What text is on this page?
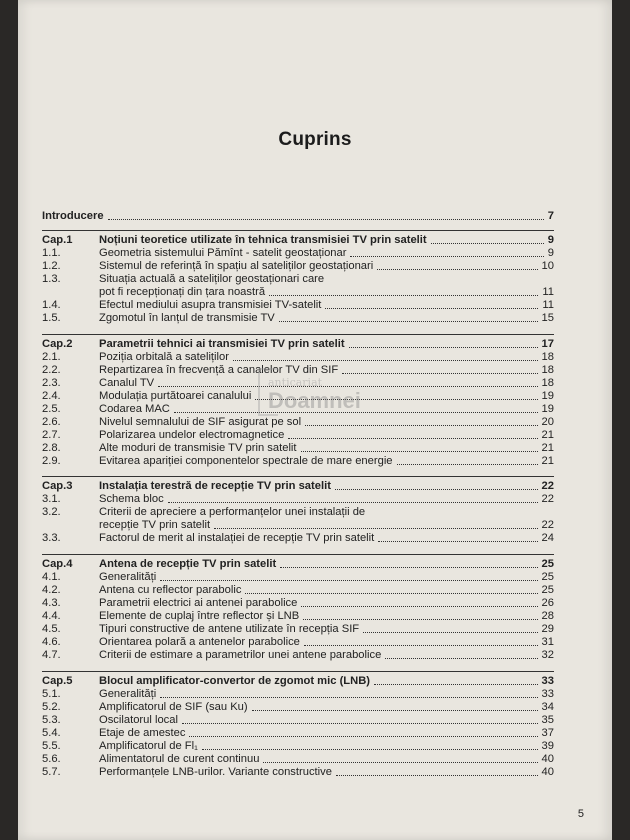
Cuprins
Introducere	7
Cap.1 Noțiuni teoretice utilizate în tehnica transmisiei TV prin satelit	9
1.1.	Geometria sistemului Pămînt - satelit geostaționar	9
1.2.	Sistemul de referință în spațiu al sateliților geostaționari	10
1.3.	Situația actuală a sateliților geostaționari care
pot fi recepționați din țara noastră	11
1.4.	Efectul mediului asupra transmisiei TV-satelit	11
1.5.	Zgomotul în lanțul de transmisie TV	15
Cap.2 Parametrii tehnici ai transmisiei TV prin satelit	17
2.1.	Poziția orbitală a sateliților	18
2.2.	Repartizarea în frecvență a canalelor TV din SIF	18
2.3.	Canalul TV	18
2.4.	Modulația purtătoarei canalului	19
2.5.	Codarea MAC	19
2.6.	Nivelul semnalului de SIF asigurat pe sol	20
2.7.	Polarizarea undelor electromagnetice	21
2.8.	Alte moduri de transmisie TV prin satelit	21
2.9.	Evitarea apariției componentelor spectrale de mare energie	21
Cap.3 Instalația terestră de recepție TV prin satelit	22
3.1.	Schema bloc	22
3.2.	Criterii de apreciere a performanțelor unei instalații de
recepție TV prin satelit	22
3.3.	Factorul de merit al instalației de recepție TV prin satelit	24
Cap.4 Antena de recepție TV prin satelit	25
4.1.	Generalități	25
4.2.	Antena cu reflector parabolic	25
4.3.	Parametrii electrici ai antenei parabolice	26
4.4.	Elemente de cuplaj între reflector și LNB	28
4.5.	Tipuri constructive de antene utilizate în recepția SIF	29
4.6.	Orientarea polară a antenelor parabolice	31
4.7.	Criterii de estimare a parametrilor unei antene parabolice	32
Cap.5 Blocul amplificator-convertor de zgomot mic (LNB)	33
5.1.	Generalități	33
5.2.	Amplificatorul de SIF (sau Ku)	34
5.3.	Oscilatorul local	35
5.4.	Etaje de amestec	37
5.5.	Amplificatorul de Fl₁	39
5.6.	Alimentatorul de curent continuu	40
5.7.	Performanțele LNB-urilor. Variante constructive	40
anticariat
Doamnei
5
